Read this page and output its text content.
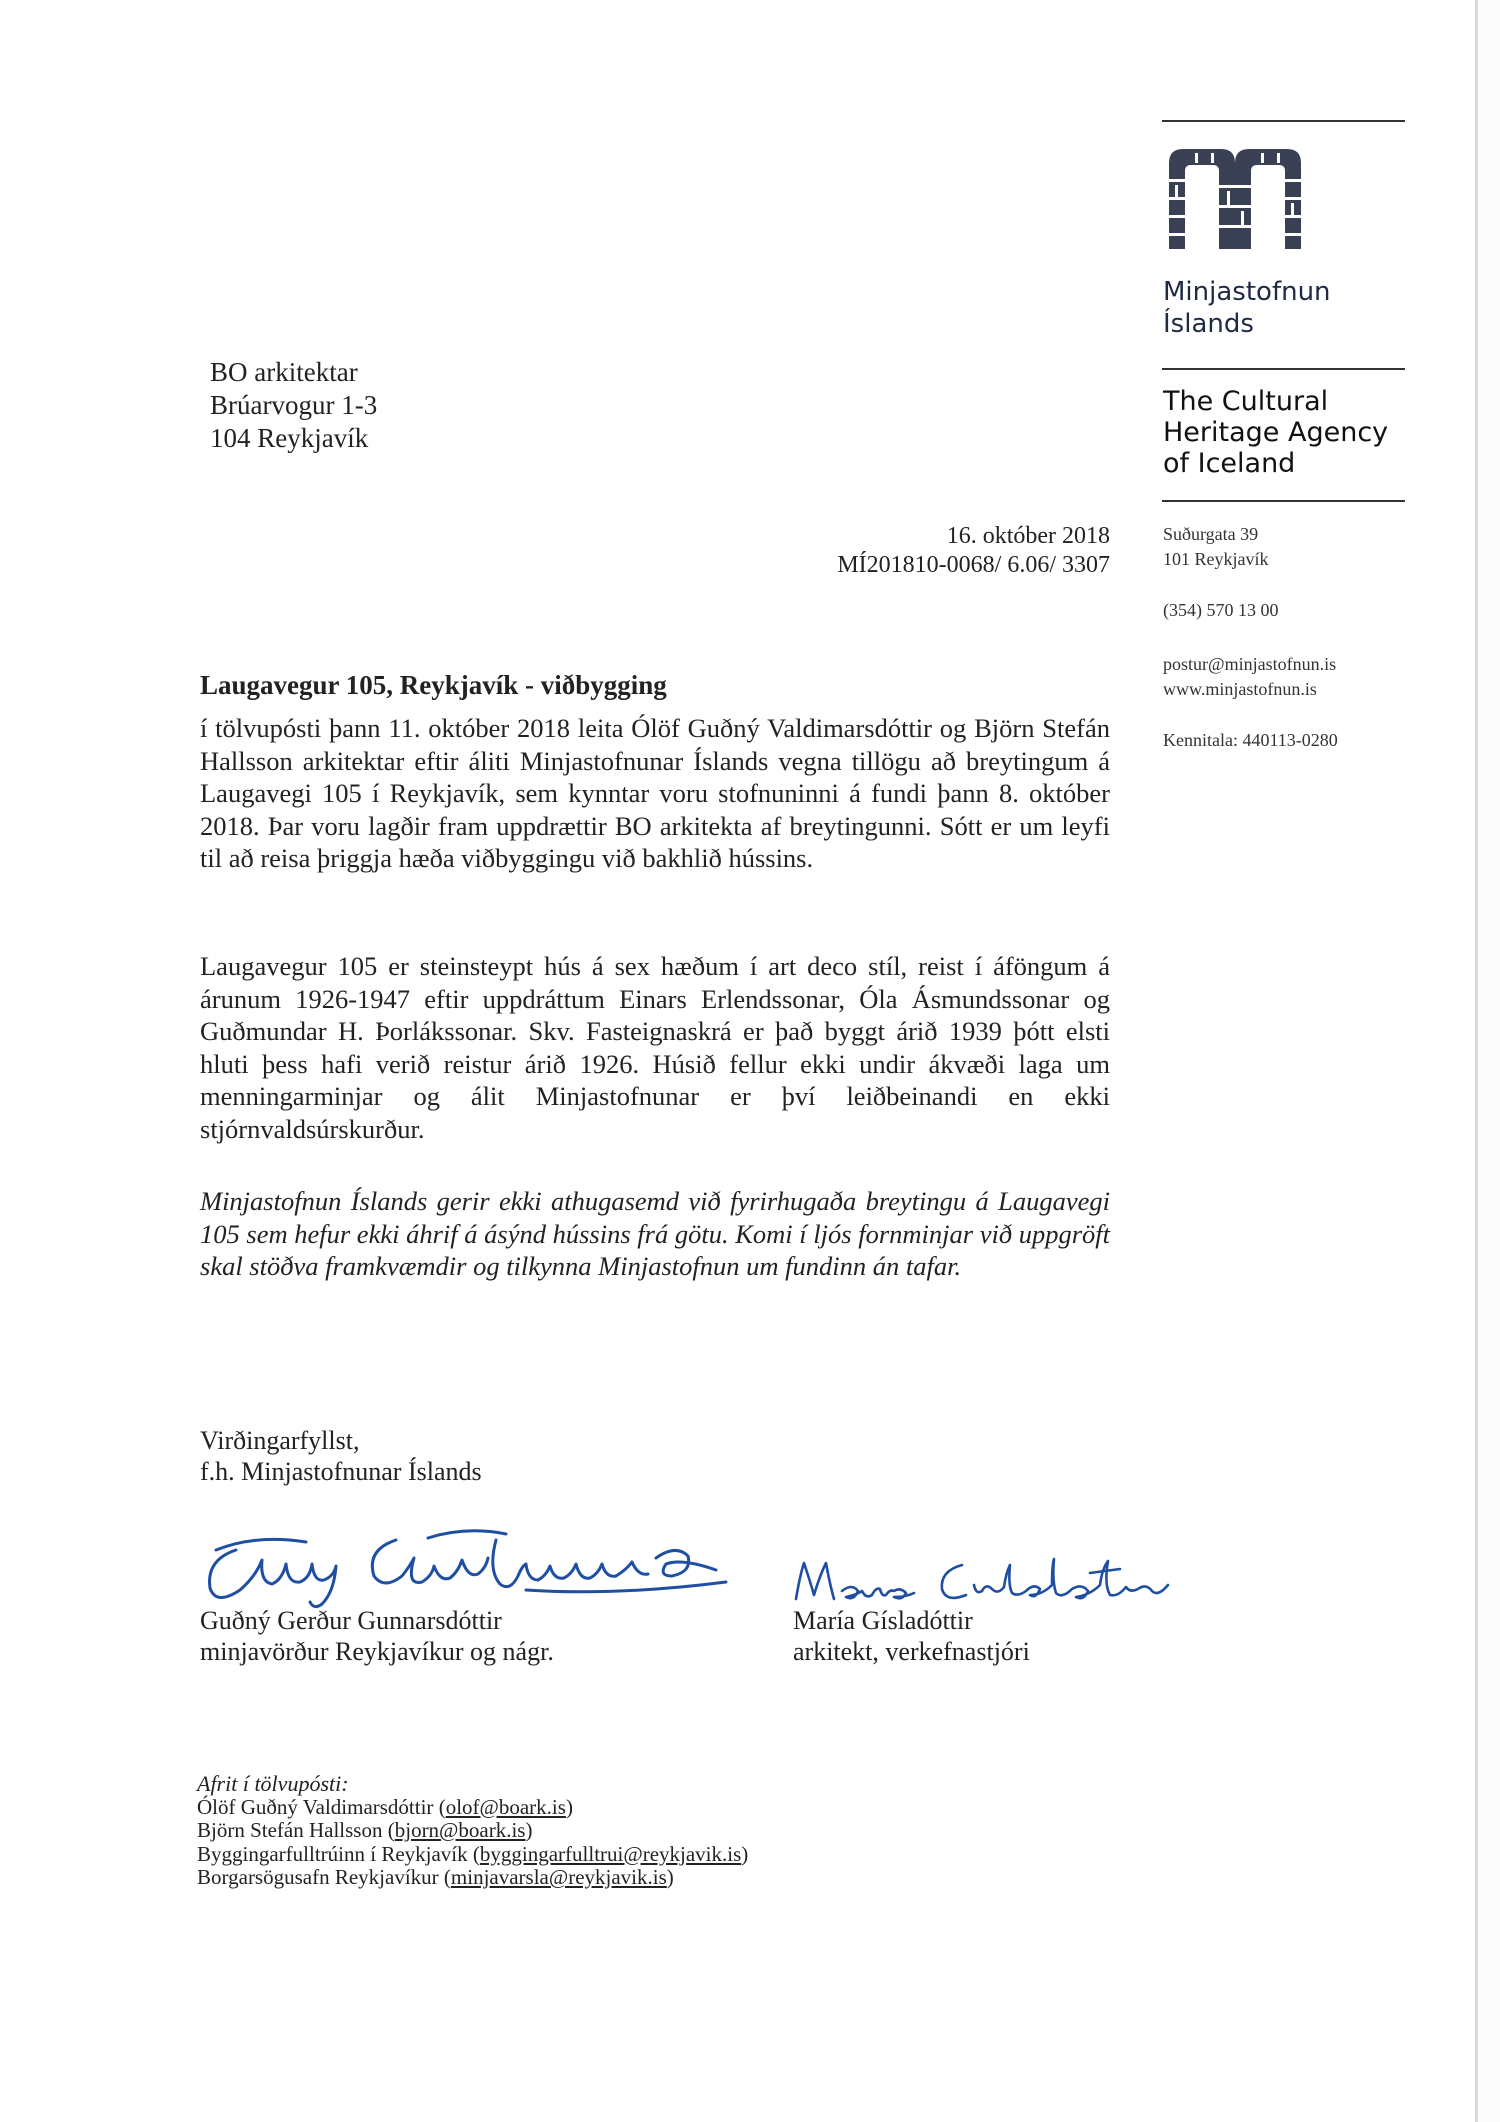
Minjastofnun
Íslands
The Cultural
Heritage Agency
of Iceland
Suðurgata 39
101 Reykjavík
(354) 570 13 00
postur@minjastofnun.is
www.minjastofnun.is
Kennitala: 440113-0280
BO arkitektar
Brúarvogur 1-3
104 Reykjavík
16. október 2018
MÍ201810-0068/ 6.06/ 3307
Laugavegur 105, Reykjavík - viðbygging
í tölvupósti þann 11. október 2018 leita Ólöf Guðný Valdimarsdóttir og Björn Stefán Hallsson arkitektar eftir áliti Minjastofnunar Íslands vegna tillögu að breytingum á Laugavegi 105 í Reykjavík, sem kynntar voru stofnuninni á fundi þann 8. október 2018. Þar voru lagðir fram uppdrættir BO arkitekta af breytingunni. Sótt er um leyfi til að reisa þriggja hæða viðbyggingu við bakhlið hússins.
Laugavegur 105 er steinsteypt hús á sex hæðum í art deco stíl, reist í áföngum á árunum 1926-1947 eftir uppdráttum Einars Erlendssonar, Óla Ásmundssonar og Guðmundar H. Þorlákssonar. Skv. Fasteignaskrá er það byggt árið 1939 þótt elsti hluti þess hafi verið reistur árið 1926. Húsið fellur ekki undir ákvæði laga um menningarminjar og álit Minjastofnunar er því leiðbeinandi en ekki stjórnvaldsúrskurður.
Minjastofnun Íslands gerir ekki athugasemd við fyrirhugaða breytingu á Laugavegi 105 sem hefur ekki áhrif á ásýnd hússins frá götu. Komi í ljós fornminjar við uppgröft skal stöðva framkvæmdir og tilkynna Minjastofnun um fundinn án tafar.
Virðingarfyllst,
f.h. Minjastofnunar Íslands
Guðný Gerður Gunnarsdóttir
minjavörður Reykjavíkur og nágr.
María Gísladóttir
arkitekt, verkefnastjóri
Afrit í tölvupósti:
Ólöf Guðný Valdimarsdóttir (olof@boark.is)
Björn Stefán Hallsson (bjorn@boark.is)
Byggingarfulltrúinn í Reykjavík (byggingarfulltrui@reykjavik.is)
Borgarsögusafn Reykjavíkur (minjavarsla@reykjavik.is)
